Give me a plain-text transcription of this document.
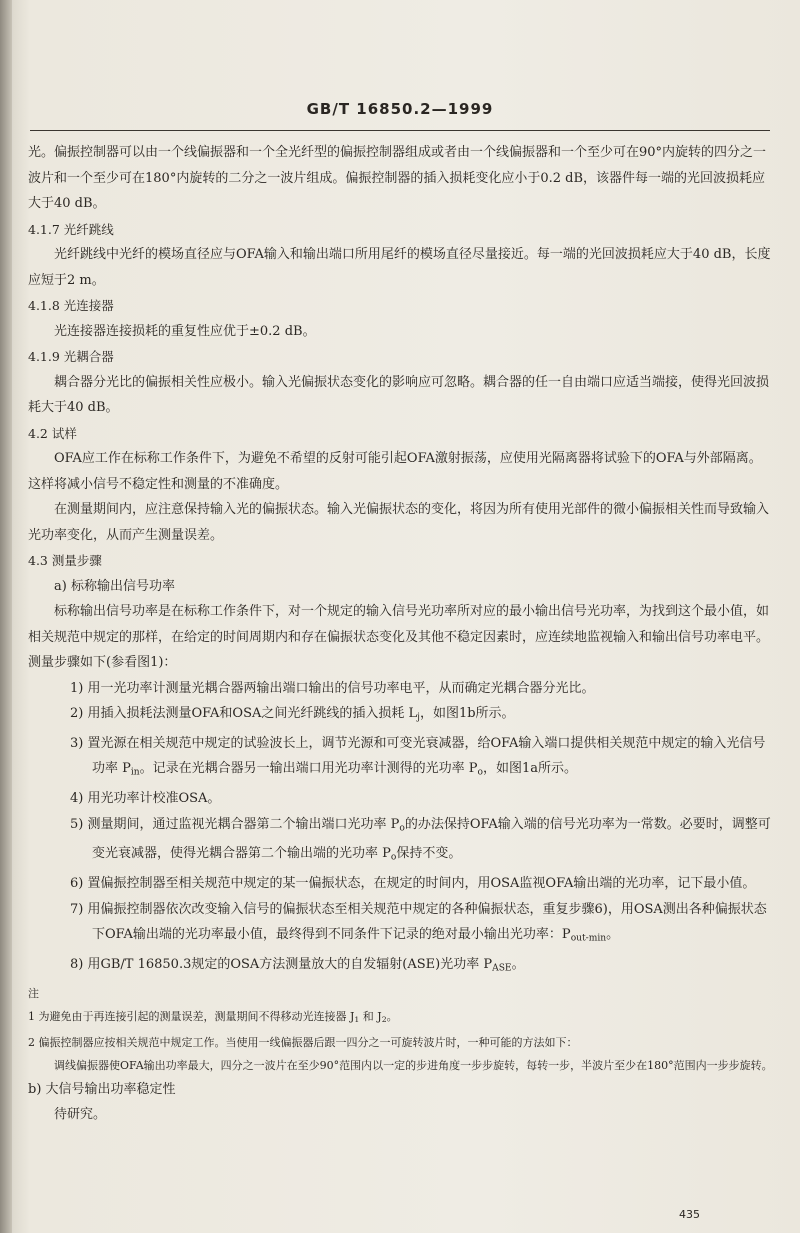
GB/T 16850.2—1999

光。偏振控制器可以由一个线偏振器和一个全光纤型的偏振控制器组成或者由一个线偏振器和一个至少可在90°内旋转的四分之一波片和一个至少可在180°内旋转的二分之一波片组成。偏振控制器的插入损耗变化应小于0.2 dB，该器件每一端的光回波损耗应大于40 dB。

4.1.7 光纤跳线

光纤跳线中光纤的模场直径应与OFA输入和输出端口所用尾纤的模场直径尽量接近。每一端的光回波损耗应大于40 dB，长度应短于2 m。

4.1.8 光连接器

光连接器连接损耗的重复性应优于±0.2 dB。

4.1.9 光耦合器

耦合器分光比的偏振相关性应极小。输入光偏振状态变化的影响应可忽略。耦合器的任一自由端口应适当端接，使得光回波损耗大于40 dB。

4.2 试样

OFA应工作在标称工作条件下，为避免不希望的反射可能引起OFA激射振荡，应使用光隔离器将试验下的OFA与外部隔离。这样将减小信号不稳定性和测量的不准确度。

在测量期间内，应注意保持输入光的偏振状态。输入光偏振状态的变化，将因为所有使用光部件的微小偏振相关性而导致输入光功率变化，从而产生测量误差。

4.3 测量步骤

a) 标称输出信号功率

标称输出信号功率是在标称工作条件下，对一个规定的输入信号光功率所对应的最小输出信号光功率，为找到这个最小值，如相关规范中规定的那样，在给定的时间周期内和存在偏振状态变化及其他不稳定因素时，应连续地监视输入和输出信号功率电平。测量步骤如下(参看图1)：

1) 用一光功率计测量光耦合器两输出端口输出的信号功率电平，从而确定光耦合器分光比。

2) 用插入损耗法测量OFA和OSA之间光纤跳线的插入损耗 $L_j$，如图1b所示。

3) 置光源在相关规范中规定的试验波长上，调节光源和可变光衰减器，给OFA输入端口提供相关规范中规定的输入光信号功率 $P_{in}$。记录在光耦合器另一输出端口用光功率计测得的光功率 $P_o$，如图1a所示。

4) 用光功率计校准OSA。

5) 测量期间，通过监视光耦合器第二个输出端口光功率 $P_o$的办法保持OFA输入端的信号光功率为一常数。必要时，调整可变光衰减器，使得光耦合器第二个输出端的光功率 $P_o$保持不变。

6) 置偏振控制器至相关规范中规定的某一偏振状态，在规定的时间内，用OSA监视OFA输出端的光功率，记下最小值。

7) 用偏振控制器依次改变输入信号的偏振状态至相关规范中规定的各种偏振状态，重复步骤6)，用OSA测出各种偏振状态下OFA输出端的光功率最小值，最终得到不同条件下记录的绝对最小输出光功率：$P_{out-min}$。

8) 用GB/T 16850.3规定的OSA方法测量放大的自发辐射(ASE)光功率 $P_{ASE}$。

注

1 为避免由于再连接引起的测量误差，测量期间不得移动光连接器 $J_1$ 和 $J_2$。

2 偏振控制器应按相关规范中规定工作。当使用一线偏振器后跟一四分之一可旋转波片时，一种可能的方法如下：

调线偏振器使OFA输出功率最大，四分之一波片在至少90°范围内以一定的步进角度一步步旋转，每转一步，半波片至少在180°范围内一步步旋转。

b) 大信号输出功率稳定性

待研究。

435
